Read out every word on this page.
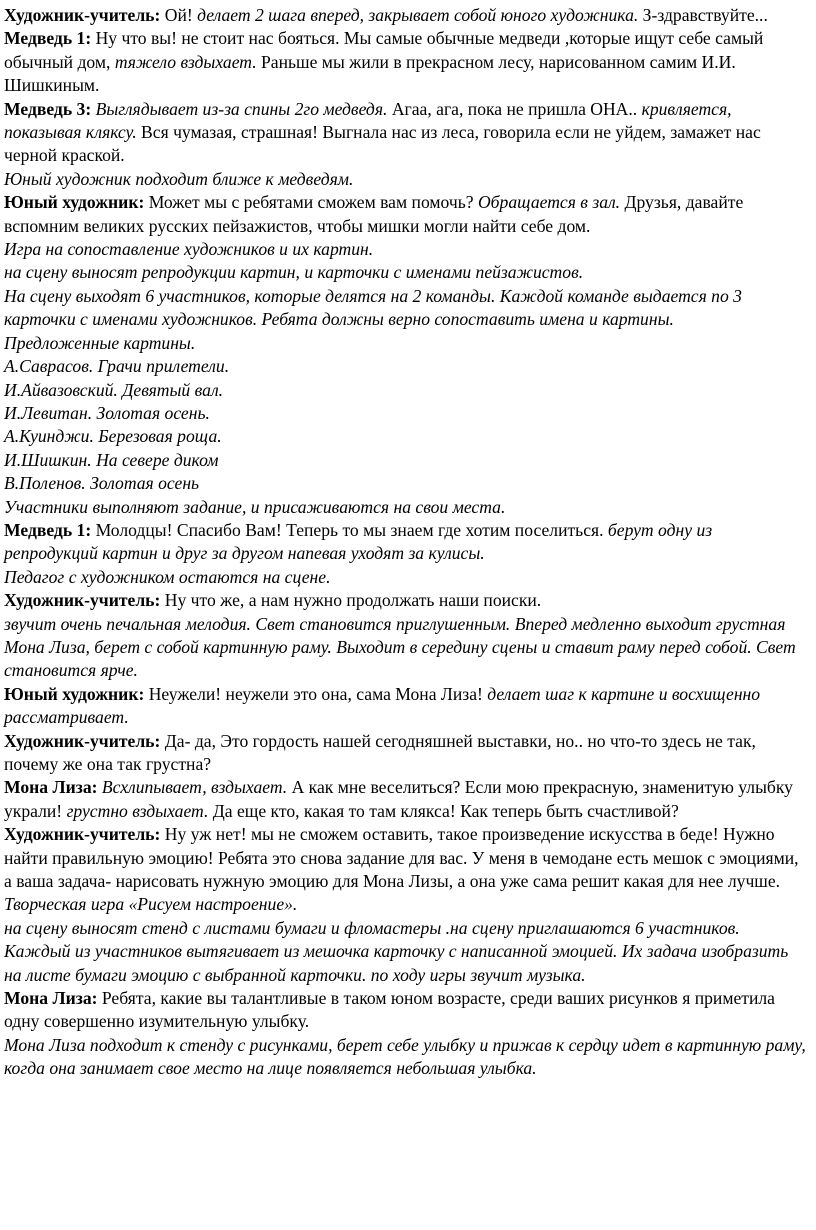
Художник-учитель: Ой! делает 2 шага вперед, закрывает собой юного художника. З-здравствуйте...

Медведь 1: Ну что вы! не стоит нас бояться. Мы самые обычные медведи ,которые ищут себе самый обычный дом, тяжело вздыхает. Раньше мы жили в прекрасном лесу, нарисованном самим И.И. Шишкиным.

Медведь 3: Выглядывает из-за спины 2го медведя. Агаа, ага, пока не пришла ОНА.. кривляется, показывая кляксу. Вся чумазая, страшная! Выгнала нас из леса, говорила если не уйдем, замажет нас черной краской.

Юный художник подходит ближе к медведям.

Юный художник: Может мы с ребятами сможем вам помочь? Обращается в зал. Друзья, давайте вспомним великих русских пейзажистов, чтобы мишки могли найти себе дом.

Игра на сопоставление художников и их картин.

на сцену выносят репродукции картин, и карточки с именами пейзажистов.

На сцену выходят 6 участников, которые делятся на 2 команды. Каждой команде выдается по 3 карточки с именами художников. Ребята должны верно сопоставить имена и картины.

Предложенные картины.

А.Саврасов. Грачи прилетели.

И.Айвазовский. Девятый вал.

И.Левитан. Золотая осень.

А.Куинджи. Березовая роща.

И.Шишкин. На севере диком

В.Поленов. Золотая осень

Участники выполняют задание, и присаживаются на свои места.

Медведь 1: Молодцы! Спасибо Вам! Теперь то мы знаем где хотим поселиться. берут одну из репродукций картин и друг за другом напевая уходят за кулисы.

Педагог с художником остаются на сцене.

Художник-учитель: Ну что же, а нам нужно продолжать наши поиски.

звучит очень печальная мелодия. Свет становится приглушенным. Вперед медленно выходит грустная Мона Лиза, берет с собой картинную раму. Выходит в середину сцены и ставит раму перед собой. Свет становится ярче.

Юный художник: Неужели! неужели это она, сама Мона Лиза! делает шаг к картине и восхищенно рассматривает.

Художник-учитель: Да- да, Это гордость нашей сегодняшней выставки, но.. но что-то здесь не так, почему же она так грустна?

Мона Лиза: Всхлипывает, вздыхает. А как мне веселиться? Если мою прекрасную, знаменитую улыбку украли! грустно вздыхает. Да еще кто, какая то там клякса! Как теперь быть счастливой?

Художник-учитель: Ну уж нет! мы не сможем оставить, такое произведение искусства в беде! Нужно найти правильную эмоцию! Ребята это снова задание для вас. У меня в чемодане есть мешок с эмоциями, а ваша задача- нарисовать нужную эмоцию для Мона Лизы, а она уже сама решит какая для нее лучше.

Творческая игра «Рисуем настроение».

на сцену выносят стенд с листами бумаги и фломастеры .на сцену приглашаются 6 участников. Каждый из участников вытягивает из мешочка карточку с написанной эмоцией. Их задача изобразить на листе бумаги эмоцию с выбранной карточки. по ходу игры звучит музыка.

Мона Лиза: Ребята, какие вы талантливые в таком юном возрасте, среди ваших рисунков я приметила одну совершенно изумительную улыбку.

Мона Лиза подходит к стенду с рисунками, берет себе улыбку и прижав к сердцу идет в картинную раму, когда она занимает свое место на лице появляется небольшая улыбка.
